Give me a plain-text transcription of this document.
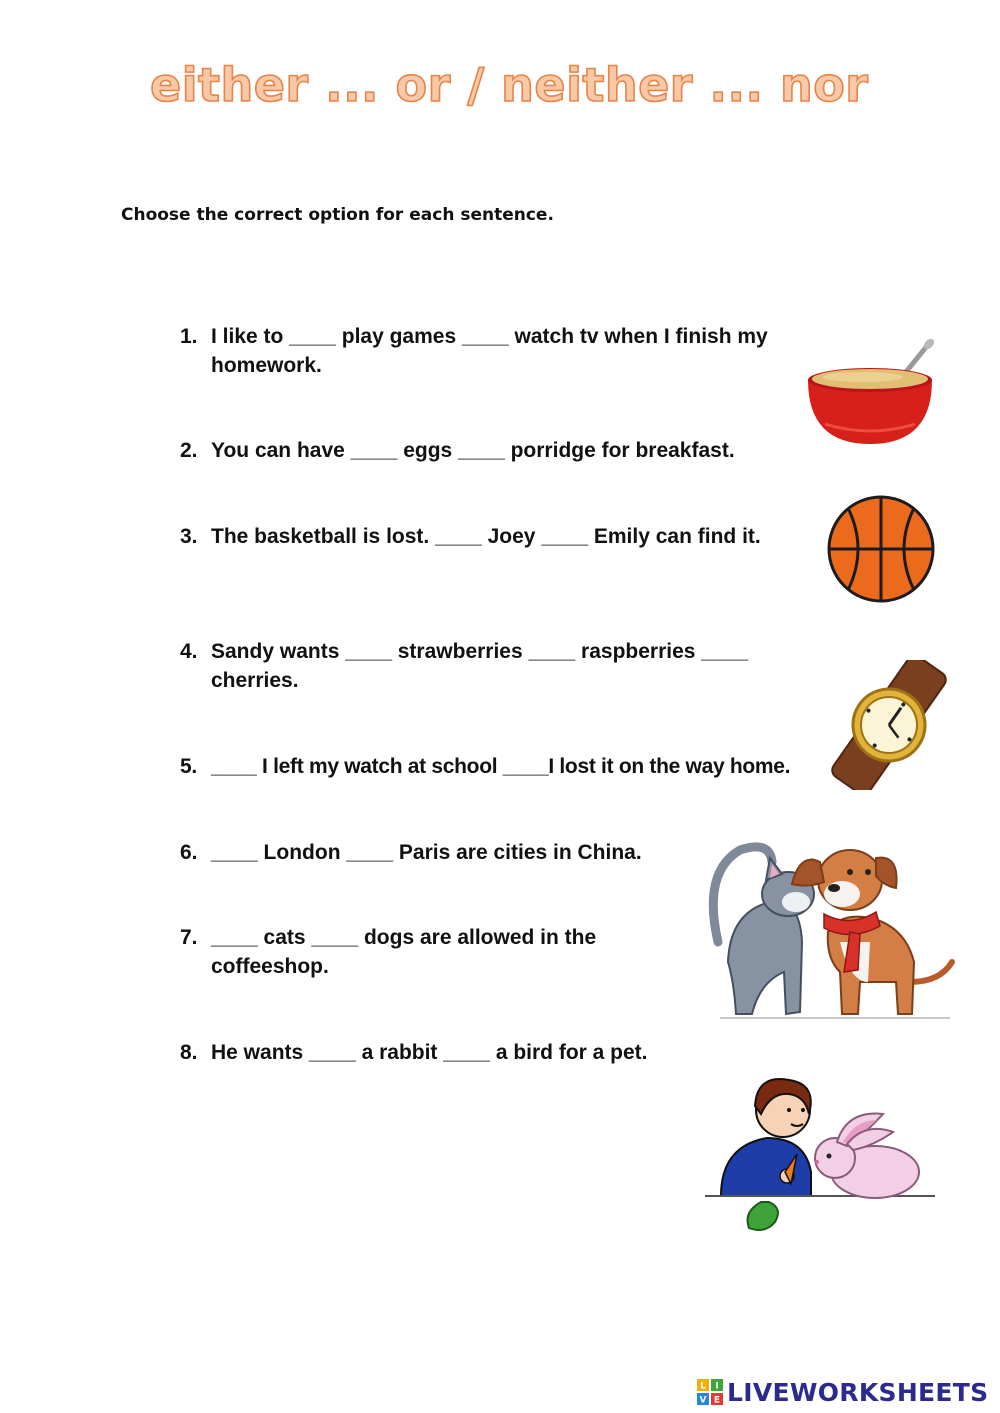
either ... or / neither ... nor
Choose the correct option for each sentence.
1. I like to ____ play games ____ watch tv when I finish my homework.
2. You can have ____ eggs ____ porridge for breakfast.
3. The basketball is lost. ____ Joey ____ Emily can find it.
4. Sandy wants ____ strawberries ____ raspberries ____ cherries.
5. ____ I left my watch at school ____I lost it on the way home.
6. ____ London ____ Paris are cities in China.
7. ____ cats ____ dogs are allowed in the coffeeshop.
8. He wants ____ a rabbit ____ a bird for a pet.
L I
V E LIVEWORKSHEETS
